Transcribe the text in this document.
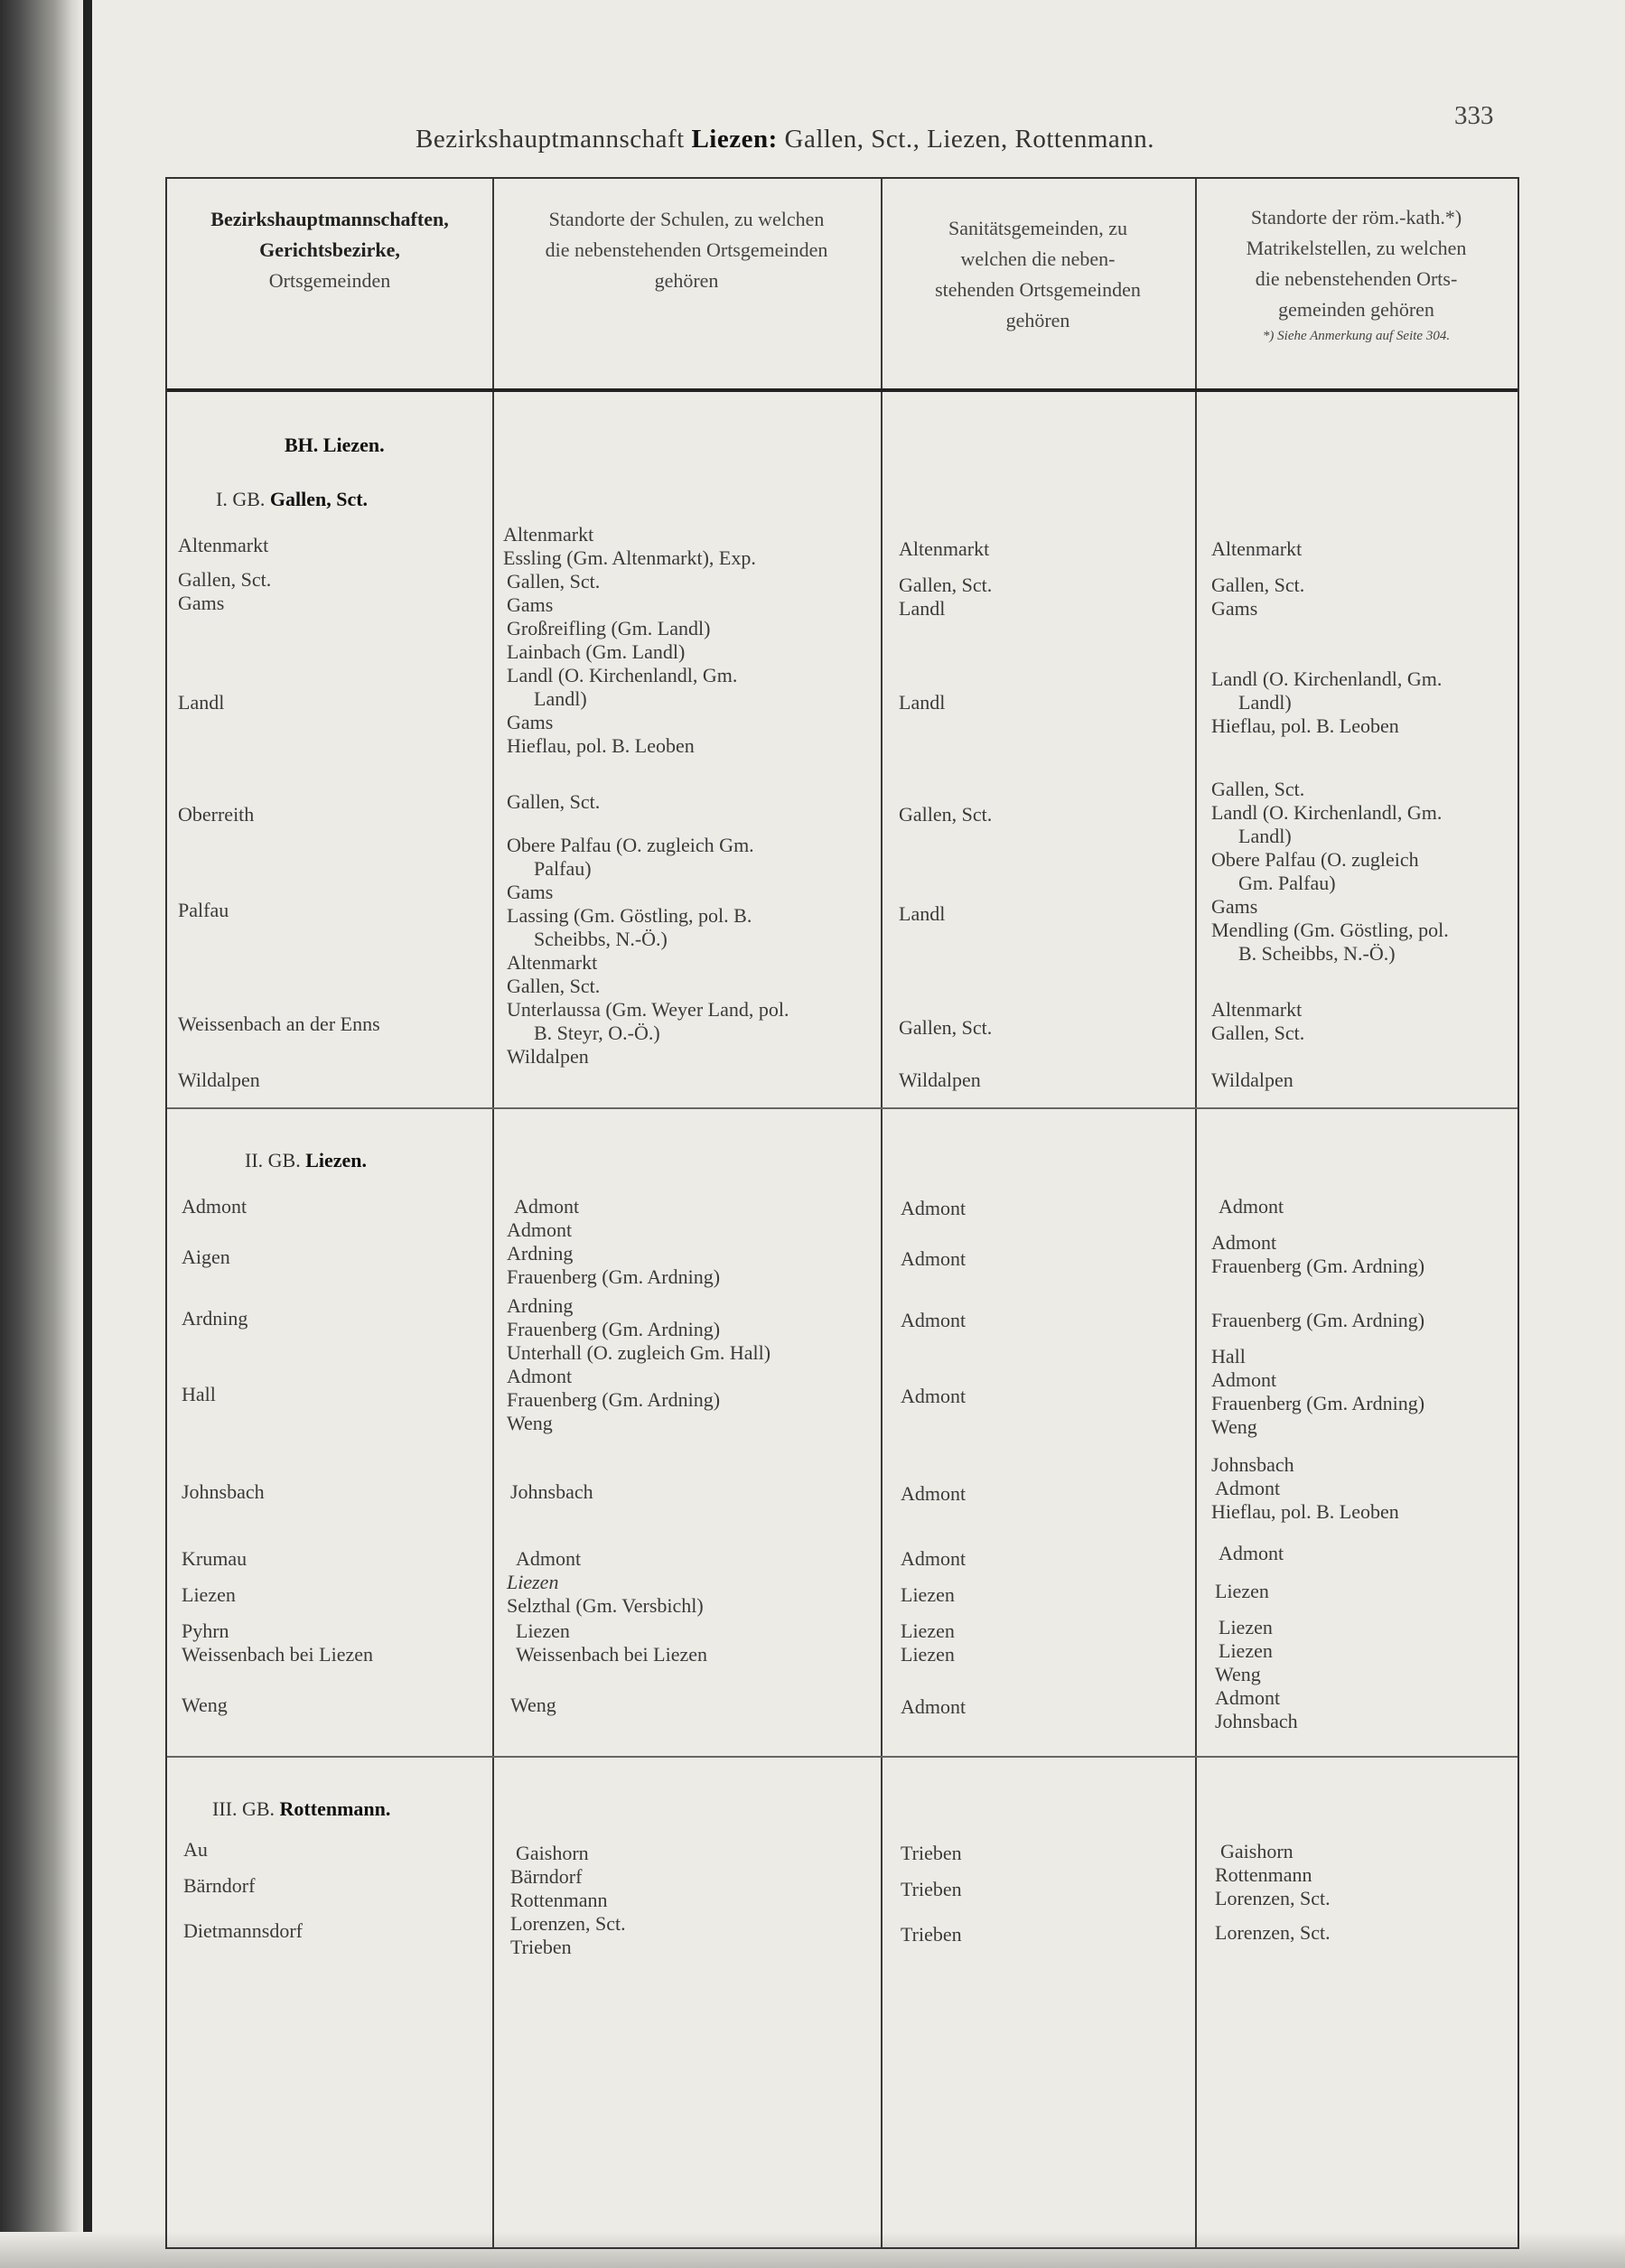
Bezirkshauptmannschaft Liezen: Gallen, Sct., Liezen, Rottenmann.
333
Bezirkshauptmannschaften,
Gerichtsbezirke,
Ortsgemeinden
Standorte der Schulen, zu welchen
die nebenstehenden Ortsgemeinden
gehören
Sanitätsgemeinden, zu
welchen die neben-
stehenden Ortsgemeinden
gehören
Standorte der röm.-kath.*)
Matrikelstellen, zu welchen
die nebenstehenden Orts-
gemeinden gehören
*) Siehe Anmerkung auf Seite 304.
BH. Liezen.
I. GB. Gallen, Sct.
II. GB. Liezen.
III. GB. Rottenmann.
Altenmarkt
Gallen, Sct.
Gams
Landl
Oberreith
Palfau
Weissenbach an der Enns
Wildalpen
Altenmarkt
Essling (Gm. Altenmarkt), Exp.
Gallen, Sct.
Gams
Großreifling (Gm. Landl)
Lainbach (Gm. Landl)
Landl (O. Kirchenlandl, Gm.
Landl)
Gams
Hieflau, pol. B. Leoben
Gallen, Sct.
Obere Palfau (O. zugleich Gm.
Palfau)
Gams
Lassing (Gm. Göstling, pol. B.
Scheibbs, N.-Ö.)
Altenmarkt
Gallen, Sct.
Unterlaussa (Gm. Weyer Land, pol.
B. Steyr, O.-Ö.)
Wildalpen
Altenmarkt
Gallen, Sct.
Landl
Landl
Gallen, Sct.
Landl
Gallen, Sct.
Wildalpen
Altenmarkt
Gallen, Sct.
Gams
Landl (O. Kirchenlandl, Gm.
Landl)
Hieflau, pol. B. Leoben
Gallen, Sct.
Landl (O. Kirchenlandl, Gm.
Landl)
Obere Palfau (O. zugleich
Gm. Palfau)
Gams
Mendling (Gm. Göstling, pol.
B. Scheibbs, N.-Ö.)
Altenmarkt
Gallen, Sct.
Wildalpen
Admont
Aigen
Ardning
Hall
Johnsbach
Krumau
Liezen
Pyhrn
Weissenbach bei Liezen
Weng
Admont
Admont
Ardning
Frauenberg (Gm. Ardning)
Ardning
Frauenberg (Gm. Ardning)
Unterhall (O. zugleich Gm. Hall)
Admont
Frauenberg (Gm. Ardning)
Weng
Johnsbach
Admont
Liezen
Selzthal (Gm. Versbichl)
Liezen
Weissenbach bei Liezen
Weng
Admont
Admont
Admont
Admont
Admont
Admont
Liezen
Liezen
Liezen
Admont
Admont
Admont
Frauenberg (Gm. Ardning)
Frauenberg (Gm. Ardning)
Hall
Admont
Frauenberg (Gm. Ardning)
Weng
Johnsbach
Admont
Hieflau, pol. B. Leoben
Admont
Liezen
Liezen
Liezen
Weng
Admont
Johnsbach
Au
Bärndorf
Dietmannsdorf
Gaishorn
Bärndorf
Rottenmann
Lorenzen, Sct.
Trieben
Trieben
Trieben
Trieben
Gaishorn
Rottenmann
Lorenzen, Sct.
Lorenzen, Sct.
